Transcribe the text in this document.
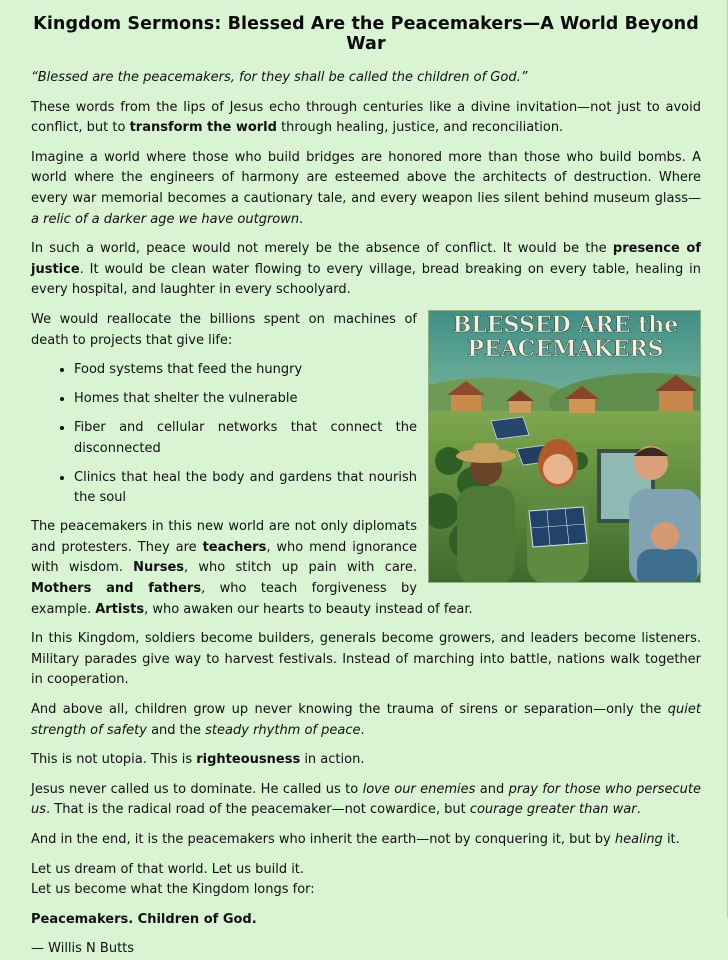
Kingdom Sermons: Blessed Are the Peacemakers—A World Beyond War

“Blessed are the peacemakers, for they shall be called the children of God.”

These words from the lips of Jesus echo through centuries like a divine invitation—not just to avoid conflict, but to transform the world through healing, justice, and reconciliation.

Imagine a world where those who build bridges are honored more than those who build bombs. A world where the engineers of harmony are esteemed above the architects of destruction. Where every war memorial becomes a cautionary tale, and every weapon lies silent behind museum glass—a relic of a darker age we have outgrown.

In such a world, peace would not merely be the absence of conflict. It would be the presence of justice. It would be clean water flowing to every village, bread breaking on every table, healing in every hospital, and laughter in every schoolyard.

BLESSED ARE the
PEACEMAKERS

We would reallocate the billions spent on machines of death to projects that give life:

• Food systems that feed the hungry
• Homes that shelter the vulnerable
• Fiber and cellular networks that connect the disconnected
• Clinics that heal the body and gardens that nourish the soul

The peacemakers in this new world are not only diplomats and protesters. They are teachers, who mend ignorance with wisdom. Nurses, who stitch up pain with care. Mothers and fathers, who teach forgiveness by example. Artists, who awaken our hearts to beauty instead of fear.

In this Kingdom, soldiers become builders, generals become growers, and leaders become listeners. Military parades give way to harvest festivals. Instead of marching into battle, nations walk together in cooperation.

And above all, children grow up never knowing the trauma of sirens or separation—only the quiet strength of safety and the steady rhythm of peace.

This is not utopia. This is righteousness in action.

Jesus never called us to dominate. He called us to love our enemies and pray for those who persecute us. That is the radical road of the peacemaker—not cowardice, but courage greater than war.

And in the end, it is the peacemakers who inherit the earth—not by conquering it, but by healing it.

Let us dream of that world. Let us build it.
Let us become what the Kingdom longs for:

Peacemakers. Children of God.

— Willis N Butts
